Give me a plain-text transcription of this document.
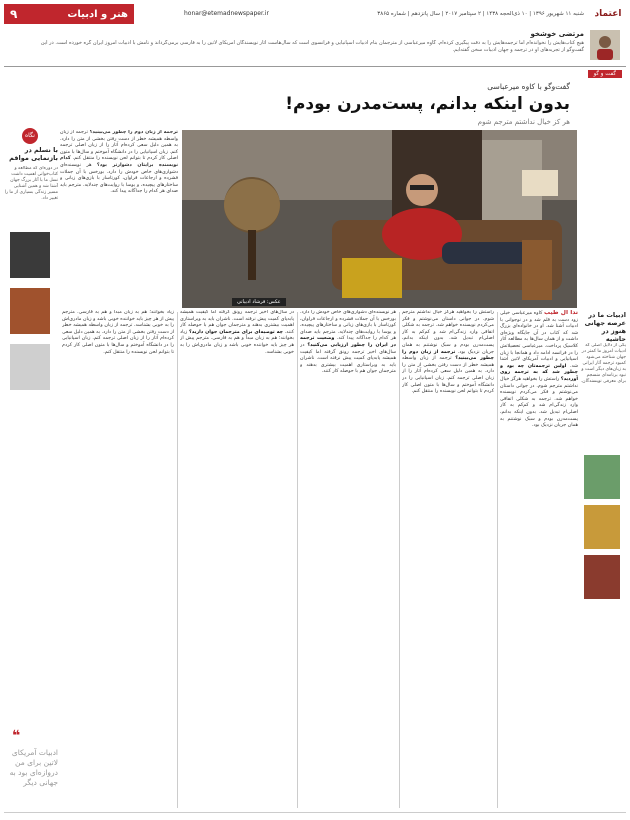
اعتماد
شنبه ۱۱ شهریور ۱۳۹۶ | ۱۰ ذی‌الحجه ۱۴۳۸ | ۲ سپتامبر ۲۰۱۷ | سال پانزدهم | شماره ۳۸۶۵
honar@etemadnewspaper.ir
هنر و ادبیات
۹
مرتضی خوشخو
هیچ کتاب‌هایش را نخوانده‌ام اما ترجمه‌هایش را به دقت پیگیری کرده‌ام. گاوه میرعباسی از مترجمان بنام ادبیات اسپانیایی و فرانسوی است که سال‌هاست آثار نویسندگان آمریکای لاتین را به فارسی برمی‌گرداند و نامش با ادبیات امروز ایران گره خورده است. در این گفت‌وگو از تجربه‌های او در ترجمه و جهان ادبیات سخن گفته‌ایم.
گفت و گو
گفت‌وگو با کاوه میرعباسی
بدون اینکه بدانم، پست‌مدرن بودم!
هر کز خیال نداشتم مترجم شوم
ترجمه از زبان دوم را چطور می‌بینید؟ ترجمه از زبان واسطه همیشه خطر از دست رفتن بخشی از متن را دارد. به همین دلیل سعی کرده‌ام آثار را از زبان اصلی ترجمه کنم. زبان اسپانیایی را در دانشگاه آموختم و سال‌ها با متون اصلی کار کردم تا بتوانم لحن نویسنده را منتقل کنم. کدام نویسنده برایتان دشوارتر بود؟ هر نویسنده‌ای دشواری‌های خاص خودش را دارد. بورخس با آن جملات فشرده و ارجاعات فراوان، کورتاسار با بازی‌های زبانی و ساختارهای پیچیده، و یوسا با روایت‌های چندلایه. مترجم باید صدای هر کدام را جداگانه پیدا کند.
عکس: فرشاد ادبیاتی
ادبیات ما در عرصه جهانی هنوز در حاشیه
یکی از دلایل اصلی که ادبیات امروز ما کمتر در جهان شناخته می‌شود کمبود ترجمه آثار ایرانی به زبان‌های دیگر است و نبود برنامه‌ای منسجم برای معرفی نویسندگان.
نگاه
با نسلم در بازنمایی مواقم
در دوره‌ای که مطالعه و کتاب‌خوانی اهمیت داشت نسل ما با آثار بزرگ جهان آشنا شد و همین آشنایی مسیر زندگی بسیاری از ما را تغییر داد.
❝
ادبیات آمریکای لاتین برای من دروازه‌ای بود به جهانی دیگر
ندا آل طیب کاوه میرعباسی خیلی زود دست به قلم شد و در نوجوانی با ادبیات آشنا شد. او در خانواده‌ای بزرگ شد که کتاب در آن جایگاه ویژه‌ای داشت و از همان سال‌ها به مطالعه آثار کلاسیک پرداخت. میرعباسی تحصیلاتش را در فرانسه ادامه داد و همانجا با زبان اسپانیایی و ادبیات آمریکای لاتین آشنا شد. اولین ترجمه‌تان چه بود و چطور شد که به ترجمه روی آوردید؟ راستش را بخواهید هرگز خیال نداشتم مترجم شوم. در جوانی داستان می‌نوشتم و فکر می‌کردم نویسنده خواهم شد. ترجمه به شکلی اتفاقی وارد زندگی‌ام شد و کم‌کم به کار اصلی‌ام تبدیل شد. بدون اینکه بدانم، پست‌مدرن بودم و سبک نوشتنم به همان جریان نزدیک بود.
راستش را بخواهید هرگز خیال نداشتم مترجم شوم. در جوانی داستان می‌نوشتم و فکر می‌کردم نویسنده خواهم شد. ترجمه به شکلی اتفاقی وارد زندگی‌ام شد و کم‌کم به کار اصلی‌ام تبدیل شد. بدون اینکه بدانم، پست‌مدرن بودم و سبک نوشتنم به همان جریان نزدیک بود. ترجمه از زبان دوم را چطور می‌بینید؟ ترجمه از زبان واسطه همیشه خطر از دست رفتن بخشی از متن را دارد. به همین دلیل سعی کرده‌ام آثار را از زبان اصلی ترجمه کنم. زبان اسپانیایی را در دانشگاه آموختم و سال‌ها با متون اصلی کار کردم تا بتوانم لحن نویسنده را منتقل کنم.
هر نویسنده‌ای دشواری‌های خاص خودش را دارد. بورخس با آن جملات فشرده و ارجاعات فراوان، کورتاسار با بازی‌های زبانی و ساختارهای پیچیده، و یوسا با روایت‌های چندلایه. مترجم باید صدای هر کدام را جداگانه پیدا کند. وضعیت ترجمه در ایران را چطور ارزیابی می‌کنید؟ در سال‌های اخیر ترجمه رونق گرفته اما کیفیت همیشه پابه‌پای کمیت پیش نرفته است. ناشران باید به ویراستاری اهمیت بیشتری بدهند و مترجمان جوان هم با حوصله کار کنند.
در سال‌های اخیر ترجمه رونق گرفته اما کیفیت همیشه پابه‌پای کمیت پیش نرفته است. ناشران باید به ویراستاری اهمیت بیشتری بدهند و مترجمان جوان هم با حوصله کار کنند. چه توصیه‌ای برای مترجمان جوان دارید؟ زیاد بخوانند؛ هم به زبان مبدأ و هم به فارسی. مترجم پیش از هر چیز باید خواننده خوبی باشد و زبان مادری‌اش را به خوبی بشناسد.
زیاد بخوانند؛ هم به زبان مبدأ و هم به فارسی. مترجم پیش از هر چیز باید خواننده خوبی باشد و زبان مادری‌اش را به خوبی بشناسد. ترجمه از زبان واسطه همیشه خطر از دست رفتن بخشی از متن را دارد. به همین دلیل سعی کرده‌ام آثار را از زبان اصلی ترجمه کنم. زبان اسپانیایی را در دانشگاه آموختم و سال‌ها با متون اصلی کار کردم تا بتوانم لحن نویسنده را منتقل کنم.
